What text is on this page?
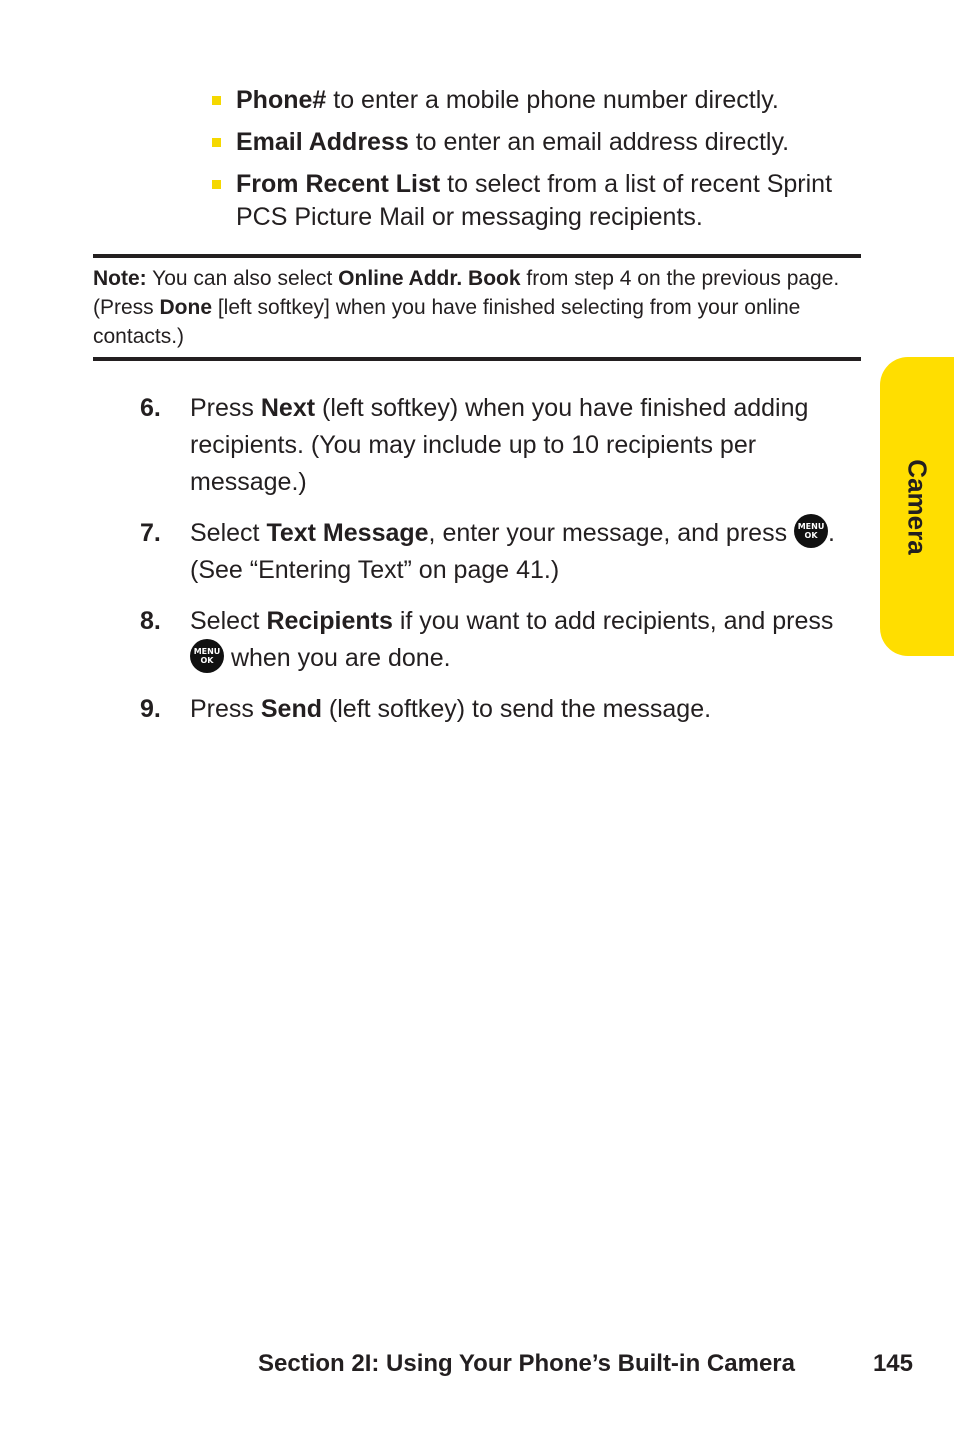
Phone# to enter a mobile phone number directly.
Email Address to enter an email address directly.
From Recent List to select from a list of recent Sprint PCS Picture Mail or messaging recipients.
Note: You can also select Online Addr. Book from step 4 on the previous page. (Press Done [left softkey] when you have finished selecting from your online contacts.)
6. Press Next (left softkey) when you have finished adding recipients. (You may include up to 10 recipients per message.)
7. Select Text Message, enter your message, and press MENU
OK . (See “Entering Text” on page 41.)
8. Select Recipients if you want to add recipients, and press MENU
OK when you are done.
9. Press Send (left softkey) to send the message.
Camera
Section 2I: Using Your Phone’s Built-in Camera	145
